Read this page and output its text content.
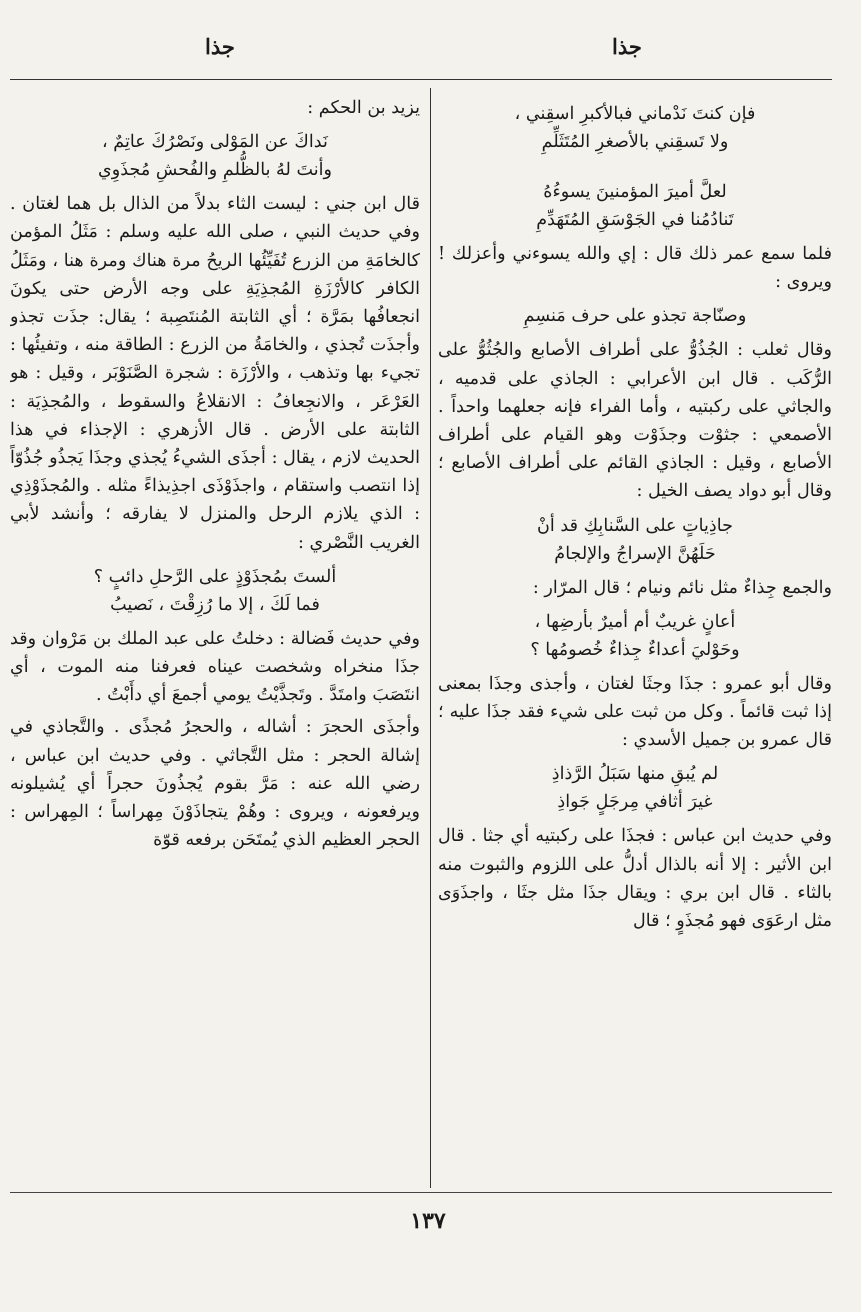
جذا
جذا
فإن كنتَ نَدْماني فبالأكبرِ اسقِني ،
ولا تَسقِني بالأصغرِ المُتَثَلِّمِ
لعلَّ أميرَ المؤمنينَ يسوءُهُ
تَنادُمُنا في الجَوْسَقِ المُتَهَدِّمِ

فلما سمع عمر ذلك قال : إي والله يسوءني وأعزلك ! ويروى :

وصنّاجة تجذو على حرف مَنسِمِ

وقال ثعلب : الجُذُوُّ على أطراف الأصابع والجُثُوُّ على الرُّكَب . قال ابن الأعرابي : الجاذي على قدميه ، والجاثي على ركبتيه ، وأما الفراء فإنه جعلهما واحداً . الأصمعي : جثوْت وجذَوْت وهو القيام على أطراف الأصابع ، وقيل : الجاذي القائم على أطراف الأصابع ؛ وقال أبو دواد يصف الخيل :

جاذِياتٍ على السَّنابِكِ قد أنْ
حَلَهُنَّ الإسراجُ والإلجامُ

والجمع جِذاءٌ مثل نائم ونيام ؛ قال المرّار :

أعانٍ غريبٌ أم أميرٌ بأرضِها ،
وحَوْليَ أعداءٌ جِذاءٌ خُصومُها ؟

وقال أبو عمرو : جذَا وجثَا لغتان ، وأجذى وجذَا بمعنى إذا ثبت قائماً . وكل من ثبت على شيء فقد جذَا عليه ؛ قال عمرو بن جميل الأسدي :

لم يُبقِ منها سَبَلُ الرَّذاذِ
غيرَ أثافي مِرجَلٍ جَواذِ

وفي حديث ابن عباس : فجذَا على ركبتيه أي جثا . قال ابن الأثير : إلا أنه بالذال أدلُّ على اللزوم والثبوت منه بالثاء . قال ابن بري : ويقال جذَا مثل جثَا ، واجذَوَى مثل ارعَوَى فهو مُجذَوٍ ؛ قال

يزيد بن الحكم :

نَداكَ عن المَوْلى ونَصْرُكَ عاتِمٌ ،
وأنتَ لهُ بالظُّلمِ والفُحشِ مُجذَوِي

قال ابن جني : ليست الثاء بدلاً من الذال بل هما لغتان . وفي حديث النبي ، صلى الله عليه وسلم : مَثَلُ المؤمن كالخامَةِ من الزرع تُفَيِّئُها الريحُ مرة هناك ومرة هنا ، ومَثَلُ الكافر كالأرْزَةِ المُجذِيَةِ على وجه الأرض حتى يكونَ انجعافُها بمَرَّة ؛ أي الثابتة المُنتَصِبة ؛ يقال: جذَت تجذو وأجذَت تُجذي ، والخامَةُ من الزرع : الطاقة منه ، وتفيئُها : تجيء بها وتذهب ، والأرْزَة : شجرة الصَّنَوْبَر ، وقيل : هو العَرْعَر ، والانجِعافُ : الانقلاعُ والسقوط ، والمُجذِيَة : الثابتة على الأرض . قال الأزهري : الإجذاء في هذا الحديث لازم ، يقال : أجذَى الشيءُ يُجذي وجذَا يَجذُو جُذُوّاً إذا انتصب واستقام ، واجذَوْذَى اجذِيذاءً مثله . والمُجذَوْذِي : الذي يلازم الرحل والمنزل لا يفارقه ؛ وأنشد لأبي الغريب النَّصْري :

ألستَ بمُجذَوْذٍ على الرَّحلِ دائبٍ ؟
فما لَكَ ، إلا ما رُزِقْتَ ، نَصيبُ

وفي حديث فَضالة : دخلتُ على عبد الملك بن مَرْوان وقد جذَا منخراه وشخصت عيناه فعرفنا منه الموت ، أي انتَصَبَ وامتَدَّ . وتَجذَّيْتُ يومي أجمعَ أي دأَبْتُ .

وأجذَى الحجرَ : أشاله ، والحجرُ مُجذًى . والتَّجاذي في إشالة الحجر : مثل التَّجاثي . وفي حديث ابن عباس ، رضي الله عنه : مَرَّ بقوم يُجذُونَ حجراً أي يُشيلونه ويرفعونه ، ويروى : وهُمْ يتجاذَوْنَ مِهراساً ؛ المِهراس : الحجر العظيم الذي يُمتَحَن برفعه قوّة

١٣٧
